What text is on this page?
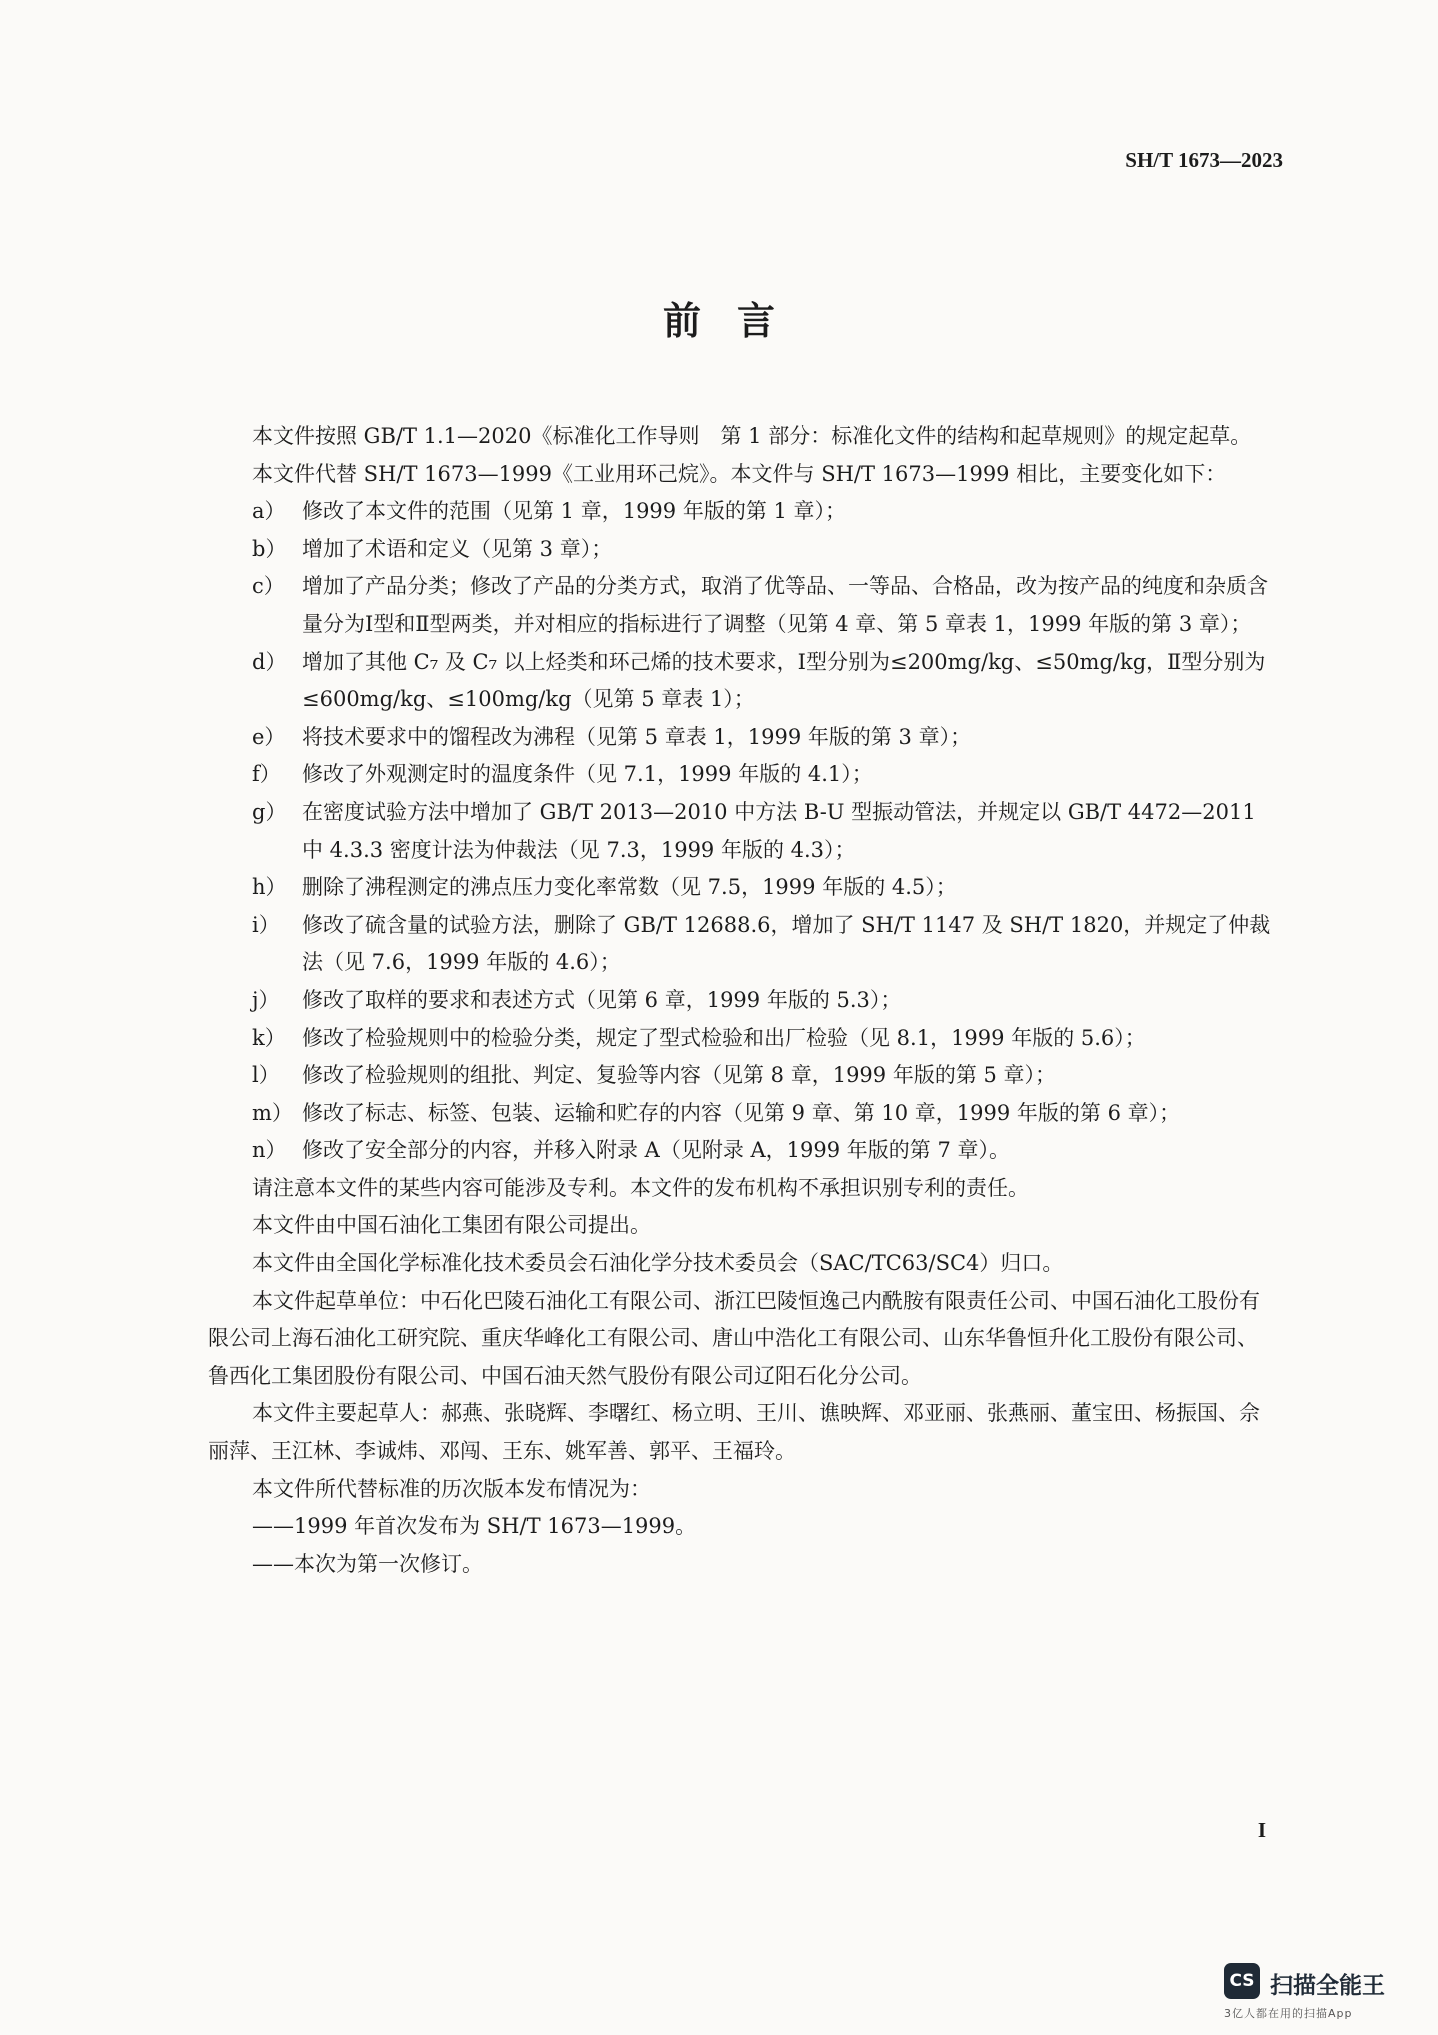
SH/T 1673—2023
前言

本文件按照 GB/T 1.1—2020《标准化工作导则　第 1 部分：标准化文件的结构和起草规则》的规定起草。

本文件代替 SH/T 1673—1999《工业用环己烷》。本文件与 SH/T 1673—1999 相比，主要变化如下：

a） 修改了本文件的范围（见第 1 章，1999 年版的第 1 章）；

b） 增加了术语和定义（见第 3 章）；

c） 增加了产品分类；修改了产品的分类方式，取消了优等品、一等品、合格品，改为按产品的纯度和杂质含量分为Ⅰ型和Ⅱ型两类，并对相应的指标进行了调整（见第 4 章、第 5 章表 1，1999 年版的第 3 章）；

d） 增加了其他 C₇ 及 C₇ 以上烃类和环己烯的技术要求，Ⅰ型分别为≤200mg/kg、≤50mg/kg，Ⅱ型分别为≤600mg/kg、≤100mg/kg（见第 5 章表 1）；

e） 将技术要求中的馏程改为沸程（见第 5 章表 1，1999 年版的第 3 章）；

f）	修改了外观测定时的温度条件（见 7.1，1999 年版的 4.1）；

g） 在密度试验方法中增加了 GB/T 2013—2010 中方法 B-U 型振动管法，并规定以 GB/T 4472—2011 中 4.3.3 密度计法为仲裁法（见 7.3，1999 年版的 4.3）；

h） 删除了沸程测定的沸点压力变化率常数（见 7.5，1999 年版的 4.5）；

i）	修改了硫含量的试验方法，删除了 GB/T 12688.6，增加了 SH/T 1147 及 SH/T 1820，并规定了仲裁法（见 7.6，1999 年版的 4.6）；

j）	修改了取样的要求和表述方式（见第 6 章，1999 年版的 5.3）；

k） 修改了检验规则中的检验分类，规定了型式检验和出厂检验（见 8.1，1999 年版的 5.6）；

l）	修改了检验规则的组批、判定、复验等内容（见第 8 章，1999 年版的第 5 章）；

m） 修改了标志、标签、包装、运输和贮存的内容（见第 9 章、第 10 章，1999 年版的第 6 章）；

n） 修改了安全部分的内容，并移入附录 A（见附录 A，1999 年版的第 7 章）。

请注意本文件的某些内容可能涉及专利。本文件的发布机构不承担识别专利的责任。

本文件由中国石油化工集团有限公司提出。

本文件由全国化学标准化技术委员会石油化学分技术委员会（SAC/TC63/SC4）归口。

本文件起草单位：中石化巴陵石油化工有限公司、浙江巴陵恒逸己内酰胺有限责任公司、中国石油化工股份有限公司上海石油化工研究院、重庆华峰化工有限公司、唐山中浩化工有限公司、山东华鲁恒升化工股份有限公司、鲁西化工集团股份有限公司、中国石油天然气股份有限公司辽阳石化分公司。

本文件主要起草人：郝燕、张晓辉、李曙红、杨立明、王川、谯映辉、邓亚丽、张燕丽、董宝田、杨振国、佘丽萍、王江林、李诚炜、邓闯、王东、姚军善、郭平、王福玲。

本文件所代替标准的历次版本发布情况为：

——1999 年首次发布为 SH/T 1673—1999。

——本次为第一次修订。

I
CS 扫描全能王
3亿人都在用的扫描App
